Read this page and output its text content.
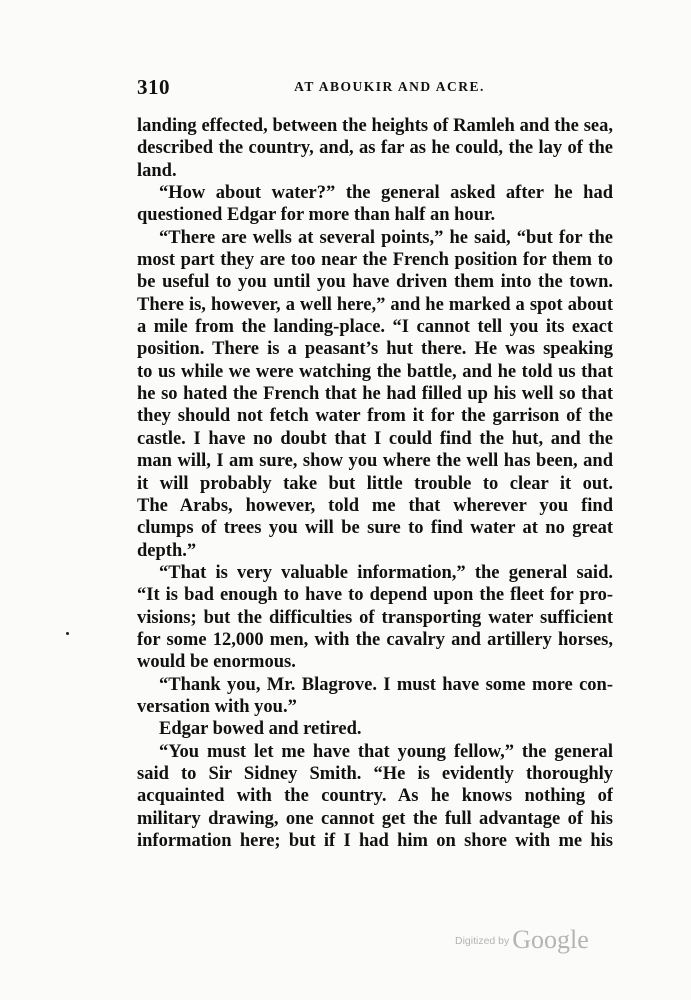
310	AT ABOUKIR AND ACRE.
landing effected, between the heights of Ramleh and the sea,
described the country, and, as far as he could, the lay of the
land.
“How about water?” the general asked after he had
questioned Edgar for more than half an hour.
“There are wells at several points,” he said, “but for the
most part they are too near the French position for them to
be useful to you until you have driven them into the town.
There is, however, a well here,” and he marked a spot about
a mile from the landing-place. “I cannot tell you its exact
position. There is a peasant’s hut there. He was speaking
to us while we were watching the battle, and he told us that
he so hated the French that he had filled up his well so that
they should not fetch water from it for the garrison of the
castle. I have no doubt that I could find the hut, and the
man will, I am sure, show you where the well has been, and
it will probably take but little trouble to clear it out.
The Arabs, however, told me that wherever you find
clumps of trees you will be sure to find water at no great
depth.”
“That is very valuable information,” the general said.
“It is bad enough to have to depend upon the fleet for pro-
visions; but the difficulties of transporting water sufficient
for some 12,000 men, with the cavalry and artillery horses,
would be enormous.
“Thank you, Mr. Blagrove. I must have some more con-
versation with you.”
Edgar bowed and retired.
“You must let me have that young fellow,” the general
said to Sir Sidney Smith. “He is evidently thoroughly
acquainted with the country. As he knows nothing of
military drawing, one cannot get the full advantage of his
information here; but if I had him on shore with me his
$^{Digitized by}$ Google
